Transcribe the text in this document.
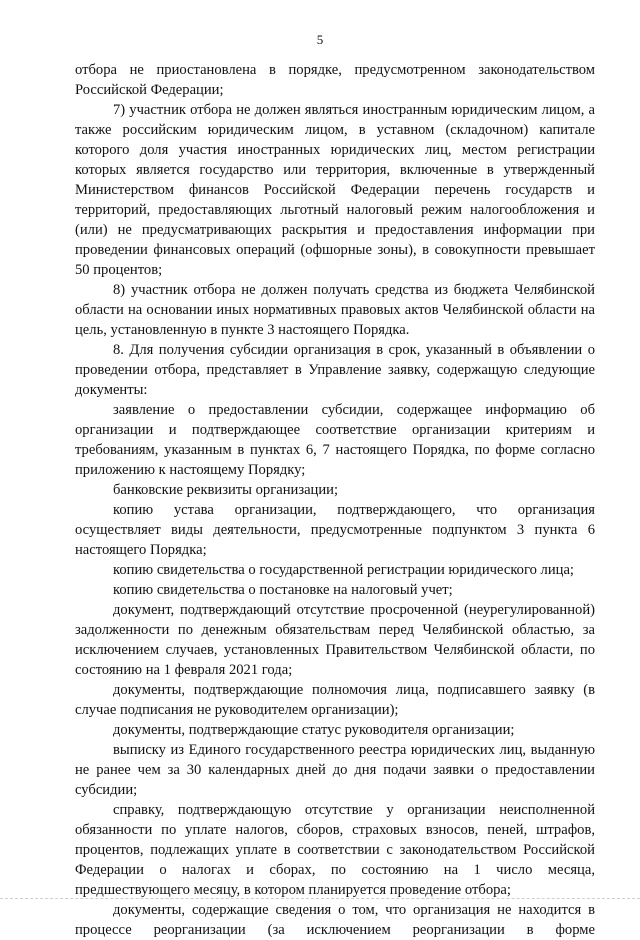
5

отбора не приостановлена в порядке, предусмотренном законодательством Российской Федерации;

7) участник отбора не должен являться иностранным юридическим лицом, а также российским юридическим лицом, в уставном (складочном) капитале которого доля участия иностранных юридических лиц, местом регистрации которых является государство или территория, включенные в утвержденный Министерством финансов Российской Федерации перечень государств и территорий, предоставляющих льготный налоговый режим налогообложения и (или) не предусматривающих раскрытия и предоставления информации при проведении финансовых операций (офшорные зоны), в совокупности превышает 50 процентов;

8) участник отбора не должен получать средства из бюджета Челябинской области на основании иных нормативных правовых актов Челябинской области на цель, установленную в пункте 3 настоящего Порядка.

8. Для получения субсидии организация в срок, указанный в объявлении о проведении отбора, представляет в Управление заявку, содержащую следующие документы:

заявление о предоставлении субсидии, содержащее информацию об организации и подтверждающее соответствие организации критериям и требованиям, указанным в пунктах 6, 7 настоящего Порядка, по форме согласно приложению к настоящему Порядку;

банковские реквизиты организации;

копию устава организации, подтверждающего, что организация осуществляет виды деятельности, предусмотренные подпунктом 3 пункта 6 настоящего Порядка;

копию свидетельства о государственной регистрации юридического лица;

копию свидетельства о постановке на налоговый учет;

документ, подтверждающий отсутствие просроченной (неурегулированной) задолженности по денежным обязательствам перед Челябинской областью, за исключением случаев, установленных Правительством Челябинской области, по состоянию на 1 февраля 2021 года;

документы, подтверждающие полномочия лица, подписавшего заявку (в случае подписания не руководителем организации);

документы, подтверждающие статус руководителя организации;

выписку из Единого государственного реестра юридических лиц, выданную не ранее чем за 30 календарных дней до дня подачи заявки о предоставлении субсидии;

справку, подтверждающую отсутствие у организации неисполненной обязанности по уплате налогов, сборов, страховых взносов, пеней, штрафов, процентов, подлежащих уплате в соответствии с законодательством Российской Федерации о налогах и сборах, по состоянию на 1 число месяца, предшествующего месяцу, в котором планируется проведение отбора;

документы, содержащие сведения о том, что организация не находится в процессе реорганизации (за исключением реорганизации в форме
